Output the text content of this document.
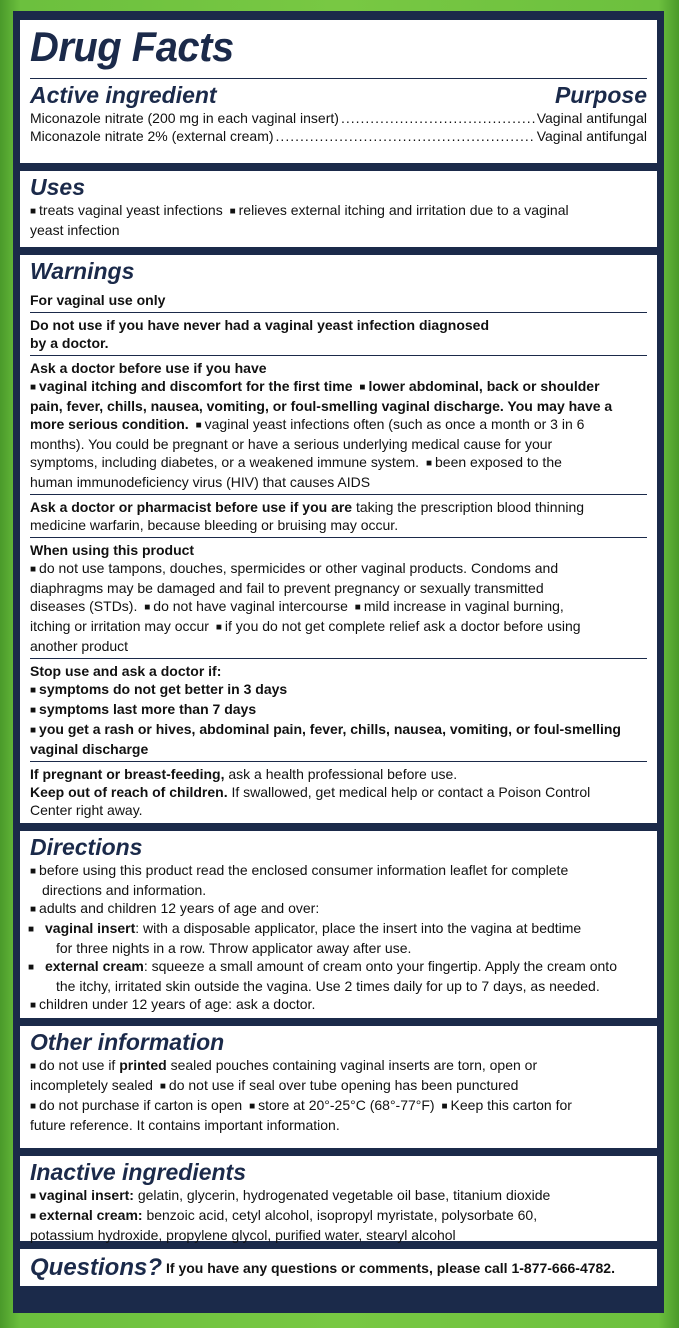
Drug Facts
Active ingredient	Purpose
Miconazole nitrate (200 mg in each vaginal insert) .....	Vaginal antifungal
Miconazole nitrate 2% (external cream) .....	Vaginal antifungal
Uses
■ treats vaginal yeast infections ■ relieves external itching and irritation due to a vaginal
yeast infection
Warnings
For vaginal use only
Do not use if you have never had a vaginal yeast infection diagnosed
by a doctor.
Ask a doctor before use if you have
■ vaginal itching and discomfort for the first time ■ lower abdominal, back or shoulder
pain, fever, chills, nausea, vomiting, or foul-smelling vaginal discharge. You may have a
more serious condition. ■ vaginal yeast infections often (such as once a month or 3 in 6
months). You could be pregnant or have a serious underlying medical cause for your
symptoms, including diabetes, or a weakened immune system. ■ been exposed to the
human immunodeficiency virus (HIV) that causes AIDS
Ask a doctor or pharmacist before use if you are taking the prescription blood thinning
medicine warfarin, because bleeding or bruising may occur.
When using this product
■ do not use tampons, douches, spermicides or other vaginal products. Condoms and
diaphragms may be damaged and fail to prevent pregnancy or sexually transmitted
diseases (STDs). ■ do not have vaginal intercourse ■ mild increase in vaginal burning,
itching or irritation may occur ■ if you do not get complete relief ask a doctor before using
another product
Stop use and ask a doctor if:
■ symptoms do not get better in 3 days
■ symptoms last more than 7 days
■ you get a rash or hives, abdominal pain, fever, chills, nausea, vomiting, or foul-smelling
vaginal discharge
If pregnant or breast-feeding, ask a health professional before use.
Keep out of reach of children. If swallowed, get medical help or contact a Poison Control
Center right away.
Directions
■ before using this product read the enclosed consumer information leaflet for complete
directions and information.
■ adults and children 12 years of age and over:
■ vaginal insert: with a disposable applicator, place the insert into the vagina at bedtime
for three nights in a row. Throw applicator away after use.
■ external cream: squeeze a small amount of cream onto your fingertip. Apply the cream onto
the itchy, irritated skin outside the vagina. Use 2 times daily for up to 7 days, as needed.
■ children under 12 years of age: ask a doctor.
Other information
■ do not use if printed sealed pouches containing vaginal inserts are torn, open or
incompletely sealed ■ do not use if seal over tube opening has been punctured
■ do not purchase if carton is open ■ store at 20°-25°C (68°-77°F) ■ Keep this carton for
future reference. It contains important information.
Inactive ingredients
■ vaginal insert: gelatin, glycerin, hydrogenated vegetable oil base, titanium dioxide
■ external cream: benzoic acid, cetyl alcohol, isopropyl myristate, polysorbate 60,
potassium hydroxide, propylene glycol, purified water, stearyl alcohol
Questions? If you have any questions or comments, please call 1-877-666-4782.
